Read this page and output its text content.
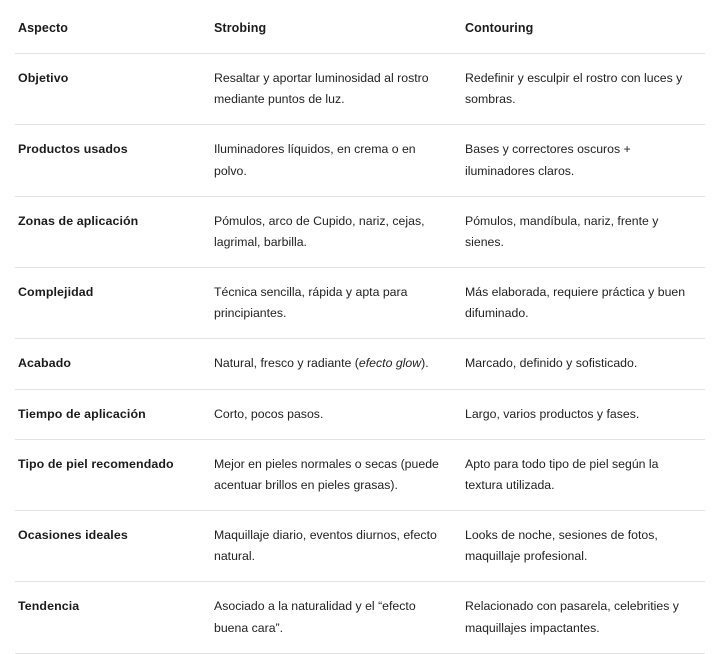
Aspecto	Strobing	Contouring
Objetivo	Resaltar y aportar luminosidad al rostro mediante puntos de luz.	Redefinir y esculpir el rostro con luces y sombras.
Productos usados	Iluminadores líquidos, en crema o en polvo.	Bases y correctores oscuros + iluminadores claros.
Zonas de aplicación	Pómulos, arco de Cupido, nariz, cejas, lagrimal, barbilla.	Pómulos, mandíbula, nariz, frente y sienes.
Complejidad	Técnica sencilla, rápida y apta para principiantes.	Más elaborada, requiere práctica y buen difuminado.
Acabado	Natural, fresco y radiante (efecto glow).	Marcado, definido y sofisticado.
Tiempo de aplicación	Corto, pocos pasos.	Largo, varios productos y fases.
Tipo de piel recomendado	Mejor en pieles normales o secas (puede acentuar brillos en pieles grasas).	Apto para todo tipo de piel según la textura utilizada.
Ocasiones ideales	Maquillaje diario, eventos diurnos, efecto natural.	Looks de noche, sesiones de fotos, maquillaje profesional.
Tendencia	Asociado a la naturalidad y el “efecto buena cara”.	Relacionado con pasarela, celebrities y maquillajes impactantes.
